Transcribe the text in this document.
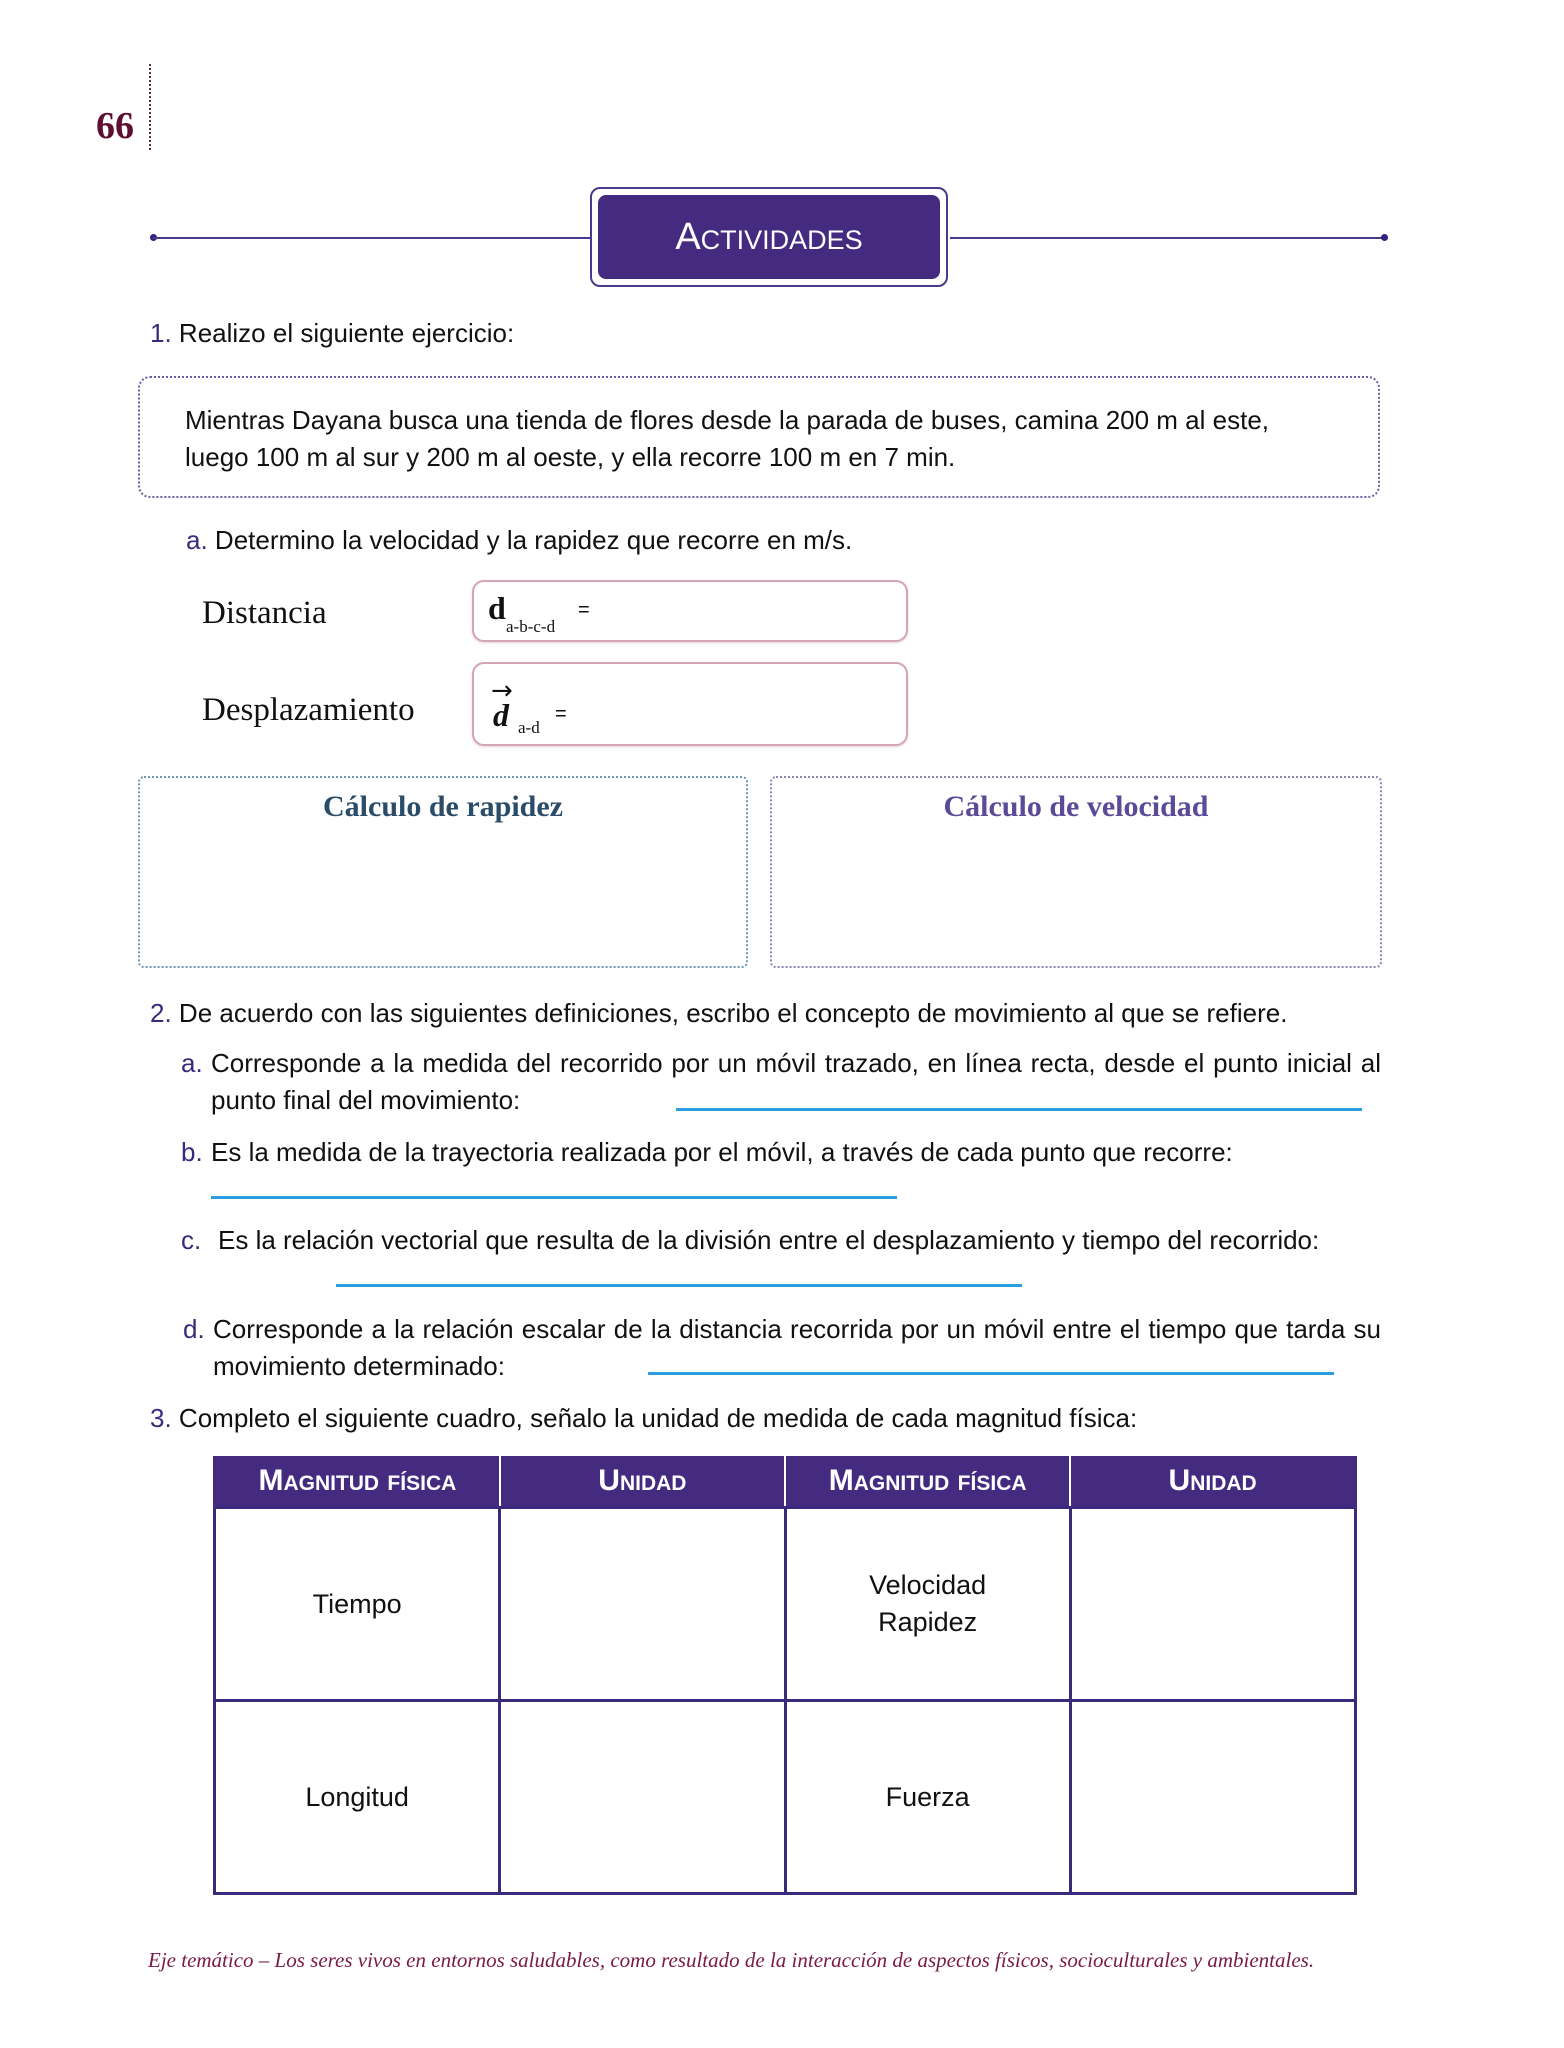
66
Actividades
1. Realizo el siguiente ejercicio:
Mientras Dayana busca una tienda de flores desde la parada de buses, camina 200 m al este,
luego 100 m al sur y 200 m al oeste, y ella recorre 100 m en 7 min.
a. Determino la velocidad y la rapidez que recorre en m/s.
Distancia	d
a-b-c-d
=
Desplazamiento
→
d a-d
=
Cálculo de rapidez	Cálculo de velocidad
2. De acuerdo con las siguientes definiciones, escribo el concepto de movimiento al que se refiere.
a. Corresponde a la medida del recorrido por un móvil trazado, en línea recta, desde el punto inicial al punto final del movimiento:
b. Es la medida de la trayectoria realizada por el móvil, a través de cada punto que recorre:
c. Es la relación vectorial que resulta de la división entre el desplazamiento y tiempo del recorrido:
d. Corresponde a la relación escalar de la distancia recorrida por un móvil entre el tiempo que tarda su movimiento determinado:
3. Completo el siguiente cuadro, señalo la unidad de medida de cada magnitud física:
Magnitud física	Unidad	Magnitud física	Unidad
Tiempo		Velocidad
Rapidez	

Longitud		Fuerza	
Eje temático – Los seres vivos en entornos saludables, como resultado de la interacción de aspectos físicos, socioculturales y ambientales.
